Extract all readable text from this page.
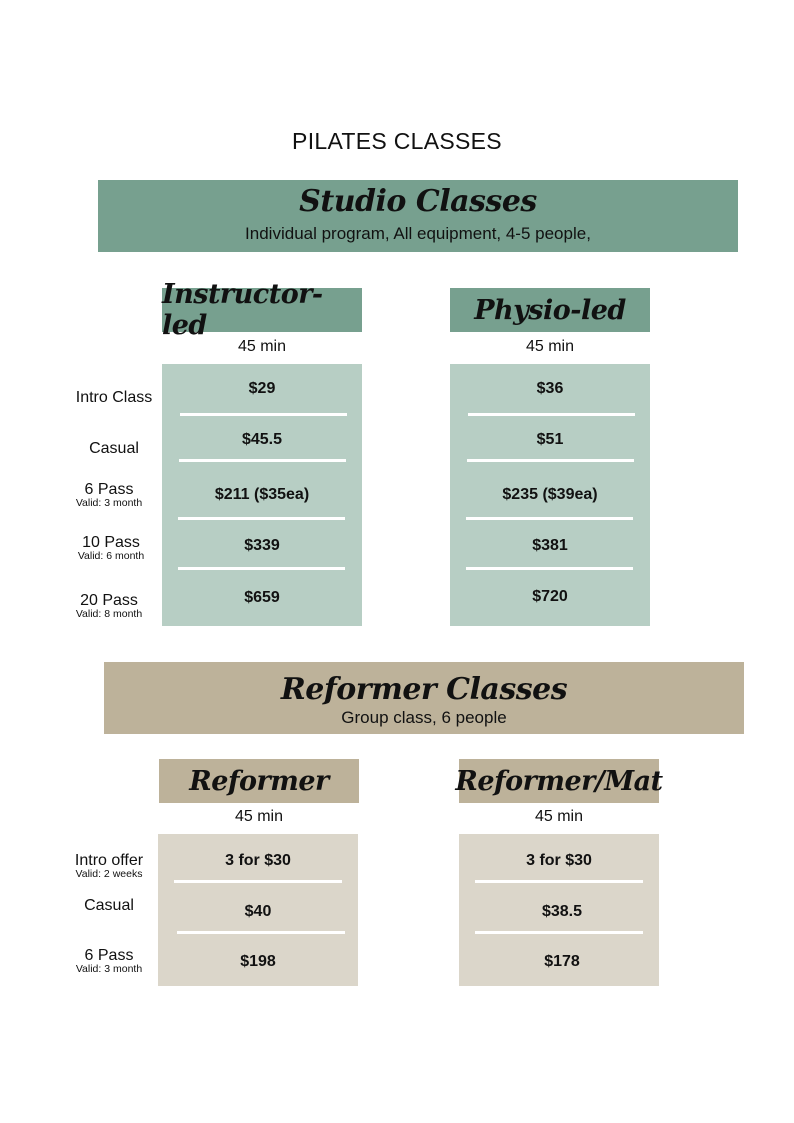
PILATES CLASSES
Studio Classes
Individual program, All equipment, 4-5 people,
Instructor-led
45 min
$29
$45.5
$211 ($35ea)
$339
$659
Physio-led
45 min
$36
$51
$235 ($39ea)
$381
$720
Intro Class
Casual
6 Pass
Valid: 3 month
10 Pass
Valid: 6 month
20 Pass
Valid: 8 month
Reformer Classes
Group class, 6 people
Reformer
45 min
3 for $30
$40
$198
Reformer/Mat
45 min
3 for $30
$38.5
$178
Intro offer
Valid: 2 weeks
Casual
6 Pass
Valid: 3 month
